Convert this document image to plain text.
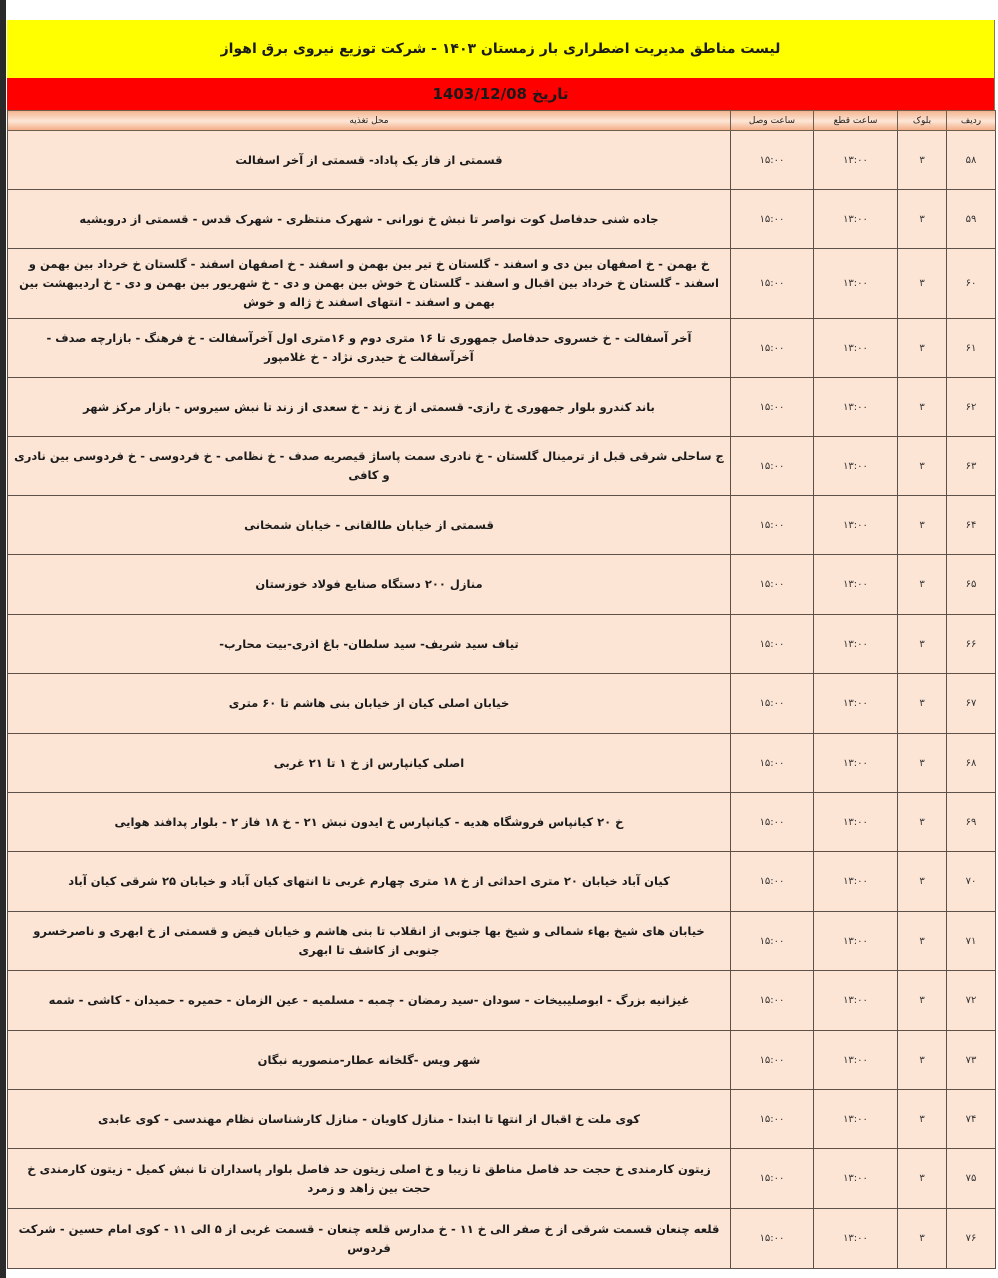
لیست مناطق مدیریت اضطراری بار زمستان ۱۴۰۳ - شرکت توزیع نیروی برق اهواز
تاریخ 1403/12/08
ردیف	بلوک	ساعت قطع	ساعت وصل	محل تغذیه
۵۸	۳	۱۳:۰۰	۱۵:۰۰	قسمتی از فاز یک پاداد- قسمتی از آخر اسفالت
۵۹	۳	۱۳:۰۰	۱۵:۰۰	جاده شنی حدفاصل کوت نواصر تا نبش خ نورانی - شهرک منتظری - شهرک قدس - قسمتی از درویشیه
۶۰	۳	۱۳:۰۰	۱۵:۰۰	خ بهمن - خ اصفهان بین دی و اسفند - گلستان خ تیر بین بهمن و اسفند - خ اصفهان اسفند - گلستان خ خرداد بین بهمن و اسفند - گلستان خ خرداد بین اقبال و اسفند - گلستان خ خوش بین بهمن و دی - خ شهریور بین بهمن و دی - خ اردیبهشت بین بهمن و اسفند - انتهای اسفند خ ژاله و خوش
۶۱	۳	۱۳:۰۰	۱۵:۰۰	آخر آسفالت - خ خسروی حدفاصل جمهوری تا ۱۶ متری دوم و ۱۶متری اول آخرآسفالت - خ فرهنگ - بازارچه صدف - آخرآسفالت خ حیدری نژاد - خ غلامپور
۶۲	۳	۱۳:۰۰	۱۵:۰۰	باند کندرو بلوار جمهوری خ رازی- قسمتی از خ زند - خ سعدی از زند تا نبش سیروس - بازار مرکز شهر
۶۳	۳	۱۳:۰۰	۱۵:۰۰	ج ساحلی شرقی قبل از ترمینال گلستان - خ نادری سمت پاساژ قیصریه صدف - خ نظامی - خ فردوسی - خ فردوسی بین نادری و کافی
۶۴	۳	۱۳:۰۰	۱۵:۰۰	قسمتی از خیابان طالقانی - خیابان شمخانی
۶۵	۳	۱۳:۰۰	۱۵:۰۰	منازل ۲۰۰ دستگاه صنایع فولاد خوزستان
۶۶	۳	۱۳:۰۰	۱۵:۰۰	تیاف سید شریف- سید سلطان- باغ اذری-بیت محارب-
۶۷	۳	۱۳:۰۰	۱۵:۰۰	خیابان اصلی کیان از خیابان بنی هاشم تا ۶۰ متری
۶۸	۳	۱۳:۰۰	۱۵:۰۰	اصلی کیانپارس از خ ۱ تا ۲۱ غربی
۶۹	۳	۱۳:۰۰	۱۵:۰۰	خ ۲۰ کیانپاس فروشگاه هدیه - کیانپارس خ ایدون نبش ۲۱ - خ ۱۸ فاز ۲ - بلوار پدافند هوایی
۷۰	۳	۱۳:۰۰	۱۵:۰۰	کیان آباد خیابان ۲۰ متری احداثی از خ ۱۸ متری چهارم غربی تا انتهای کیان آباد و خیابان ۲۵ شرقی کیان آباد
۷۱	۳	۱۳:۰۰	۱۵:۰۰	خیابان های شیخ بهاء شمالی و شیخ بها جنوبی از انقلاب تا بنی هاشم و خیابان فیض و قسمتی از خ ابهری و ناصرخسرو جنوبی از کاشف تا ابهری
۷۲	۳	۱۳:۰۰	۱۵:۰۰	غیزانیه بزرگ - ابوصلیبیخات - سودان -سید رمضان - چمبه - مسلمیه - عین الزمان - حمیره - حمیدان - کاشی - شمه
۷۳	۳	۱۳:۰۰	۱۵:۰۰	شهر ویس -گلخانه عطار-منصوریه نبگان
۷۴	۳	۱۳:۰۰	۱۵:۰۰	کوی ملت خ اقبال از انتها تا ابتدا - منازل کاویان - منازل کارشناسان نظام مهندسی - کوی عابدی
۷۵	۳	۱۳:۰۰	۱۵:۰۰	زیتون کارمندی خ حجت حد فاصل مناطق تا زیبا و خ اصلی زیتون حد فاصل بلوار پاسداران تا نبش کمیل - زیتون کارمندی خ حجت بین زاهد و زمرد
۷۶	۳	۱۳:۰۰	۱۵:۰۰	قلعه چنعان قسمت شرقی از خ صفر الی خ ۱۱ - خ مدارس قلعه چنعان - قسمت غربی از ۵ الی ۱۱ - کوی امام حسین - شرکت فردوس
